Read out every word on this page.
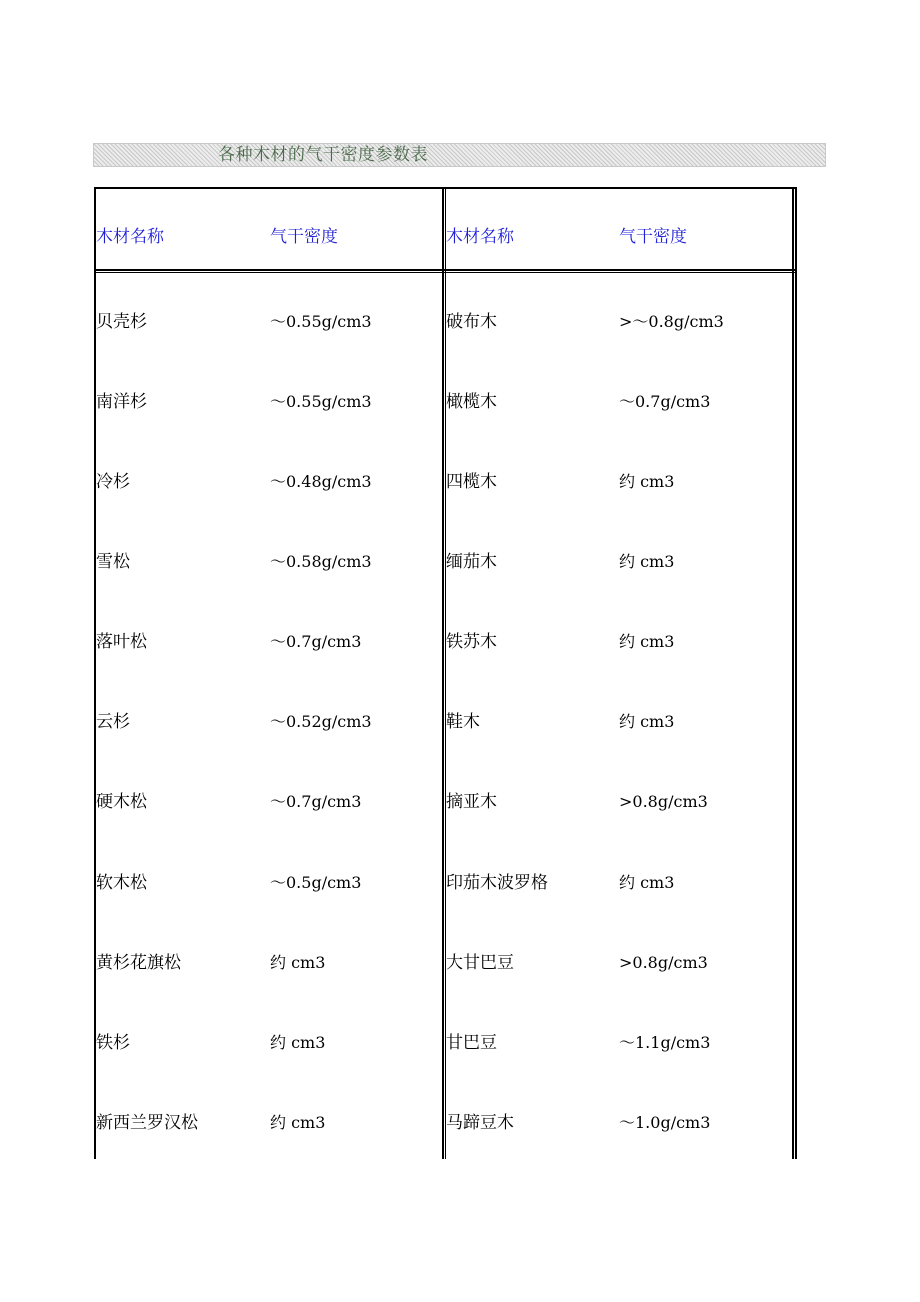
各种木材的气干密度参数表
木材名称	气干密度	木材名称	气干密度
贝壳杉	～0.55g/cm3	破布木	>～0.8g/cm3
南洋杉	～0.55g/cm3	橄榄木	～0.7g/cm3
冷杉	～0.48g/cm3	四榄木	约 cm3
雪松	～0.58g/cm3	缅茄木	约 cm3
落叶松	～0.7g/cm3	铁苏木	约 cm3
云杉	～0.52g/cm3	鞋木	约 cm3
硬木松	～0.7g/cm3	摘亚木	>0.8g/cm3
软木松	～0.5g/cm3	印茄木波罗格	约 cm3
黄杉花旗松	约 cm3	大甘巴豆	>0.8g/cm3
铁杉	约 cm3	甘巴豆	～1.1g/cm3
新西兰罗汉松	约 cm3	马蹄豆木	～1.0g/cm3
